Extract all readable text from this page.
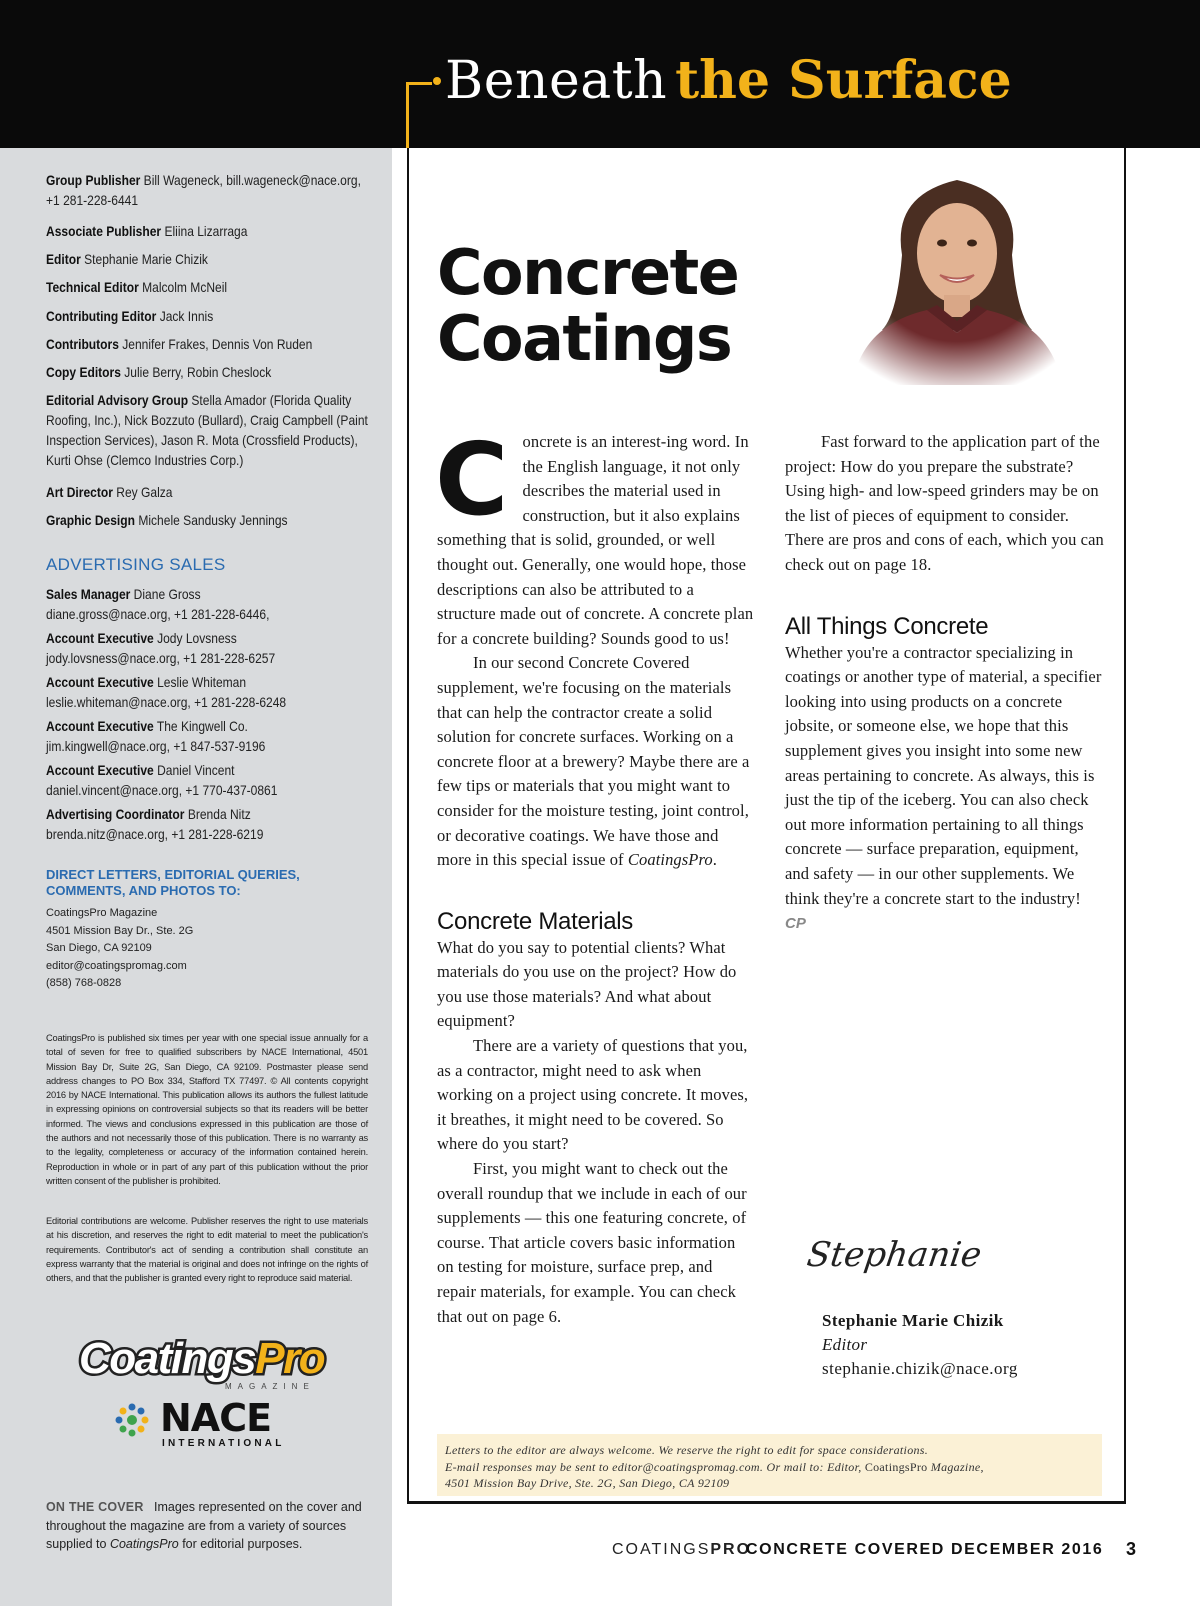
Beneath the Surface
Group Publisher Bill Wageneck, bill.wageneck@nace.org, +1 281-228-6441
Associate Publisher Eliina Lizarraga
Editor Stephanie Marie Chizik
Technical Editor Malcolm McNeil
Contributing Editor Jack Innis
Contributors Jennifer Frakes, Dennis Von Ruden
Copy Editors Julie Berry, Robin Cheslock
Editorial Advisory Group Stella Amador (Florida Quality Roofing, Inc.), Nick Bozzuto (Bullard), Craig Campbell (Paint Inspection Services), Jason R. Mota (Crossfield Products), Kurti Ohse (Clemco Industries Corp.)
Art Director Rey Galza
Graphic Design Michele Sandusky Jennings
ADVERTISING SALES
Sales Manager Diane Gross
diane.gross@nace.org, +1 281-228-6446,
Account Executive Jody Lovsness
jody.lovsness@nace.org, +1 281-228-6257
Account Executive Leslie Whiteman
leslie.whiteman@nace.org, +1 281-228-6248
Account Executive The Kingwell Co.
jim.kingwell@nace.org, +1 847-537-9196
Account Executive Daniel Vincent
daniel.vincent@nace.org, +1 770-437-0861
Advertising Coordinator Brenda Nitz
brenda.nitz@nace.org, +1 281-228-6219
DIRECT LETTERS, EDITORIAL QUERIES, COMMENTS, AND PHOTOS TO:
CoatingsPro Magazine
4501 Mission Bay Dr., Ste. 2G
San Diego, CA 92109
editor@coatingspromag.com
(858) 768-0828
CoatingsPro is published six times per year with one special issue annually for a total of seven for free to qualified subscribers by NACE International, 4501 Mission Bay Dr, Suite 2G, San Diego, CA 92109. Postmaster please send address changes to PO Box 334, Stafford TX 77497. © All contents copyright 2016 by NACE International. This publication allows its authors the fullest latitude in expressing opinions on controversial subjects so that its readers will be better informed. The views and conclusions expressed in this publication are those of the authors and not necessarily those of this publication. There is no warranty as to the legality, completeness or accuracy of the information contained herein. Reproduction in whole or in part of any part of this publication without the prior written consent of the publisher is prohibited.
Editorial contributions are welcome. Publisher reserves the right to use materials at his discretion, and reserves the right to edit material to meet the publication's requirements. Contributor's act of sending a contribution shall constitute an express warranty that the material is original and does not infringe on the rights of others, and that the publisher is granted every right to reproduce said material.
CoatingsPro
MAGAZINE
NACE
INTERNATIONAL
ON THE COVER Images represented on the cover and throughout the magazine are from a variety of sources supplied to CoatingsPro for editorial purposes.
Concrete
Coatings
C oncrete is an interest-ing word. In the English language, it not only describes the material used in construction, but it also explains something that is solid, grounded, or well thought out. Generally, one would hope, those descriptions can also be attributed to a structure made out of concrete. A concrete plan for a concrete building? Sounds good to us!

In our second Concrete Covered supplement, we're focusing on the materials that can help the contractor create a solid solution for concrete surfaces. Working on a concrete floor at a brewery? Maybe there are a few tips or materials that you might want to consider for the moisture testing, joint control, or decorative coatings. We have those and more in this special issue of CoatingsPro.

Concrete Materials

What do you say to potential clients? What materials do you use on the project? How do you use those materials? And what about equipment?

There are a variety of questions that you, as a contractor, might need to ask when working on a project using concrete. It moves, it breathes, it might need to be covered. So where do you start?

First, you might want to check out the overall roundup that we include in each of our supplements — this one featuring concrete, of course. That article covers basic information on testing for moisture, surface prep, and repair materials, for example. You can check that out on page 6.

Fast forward to the application part of the project: How do you prepare the substrate? Using high- and low-speed grinders may be on the list of pieces of equipment to consider. There are pros and cons of each, which you can check out on page 18.

All Things Concrete

Whether you're a contractor specializing in coatings or another type of material, a specifier looking into using products on a concrete jobsite, or someone else, we hope that this supplement gives you insight into some new areas pertaining to concrete. As always, this is just the tip of the iceberg. You can also check out more information pertaining to all things concrete — surface preparation, equipment, and safety — in our other supplements. We think they're a concrete start to the industry! CP

Stephanie
Stephanie Marie Chizik
Editor
stephanie.chizik@nace.org
Letters to the editor are always welcome. We reserve the right to edit for space considerations.
E-mail responses may be sent to editor@coatingspromag.com. Or mail to: Editor, CoatingsPro Magazine,
4501 Mission Bay Drive, Ste. 2G, San Diego, CA 92109
COATINGSPRO
CONCRETE COVERED DECEMBER 2016 3
